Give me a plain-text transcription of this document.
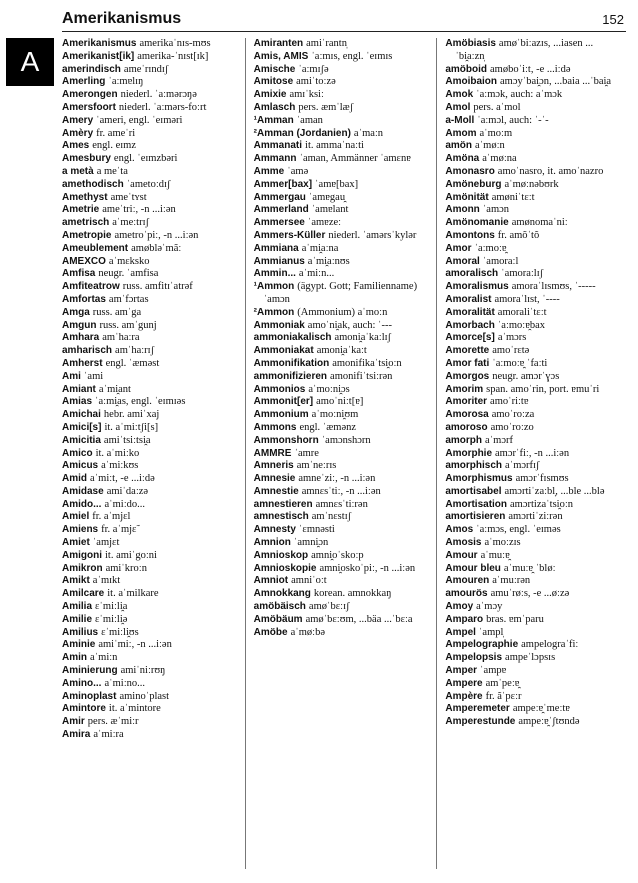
Amerikanismus	152
A

Amerikanismus amerikaˈnɪs-mʊs

Amerikanist[ik] amerika-ˈnɪst[ɪk]

amerindisch ameˈrɪndɪʃ

Amerling ˈaːmɐlɪŋ

Amerongen niederl. ˈaːmərɔŋə

Amersfoort niederl. ˈaːmərs-foːrt

Amery ˈameri, engl. ˈeɪməri

Amèry fr. ameˈri

Ames engl. eɪmz

Amesbury engl. ˈeɪmzbəri

a metà a meˈta

amethodisch ˈametoːdɪʃ

Amethyst ameˈtʏst

Ametrie ameˈtriː, -n ...iːən

ametrisch aˈmeːtrɪʃ

Ametropie ametroˈpiː, -n ...iːən

Ameublement amøbləˈmãː

AMEXCO aˈmɛksko

Amfisa neugr. ˈamfisa

Amfiteatrow russ. amfitɪˈatrəf

Amfortas amˈfɔrtas

Amga russ. amˈga

Amgun russ. amˈgunj

Amhara amˈhaːra

amharisch amˈhaːrɪʃ

Amherst engl. ˈæməst

Ami ˈami

Amiant aˈmi̯ant

Amias ˈaːmi̯as, engl. ˈeɪmɪəs

Amichai hebr. amiˈxaj

Amici[s] it. aˈmiːtʃi[s]

Amicitia amiˈtsiːtsi̯a

Amico it. aˈmiːko

Amicus aˈmiːkʊs

Amid aˈmiːt, -e ...iːdə

Amidase amiˈdaːzə

Amido... aˈmiːdo...

Amiel fr. aˈmjɛl

Amiens fr. aˈmjɛ̃

Amiet ˈamjɛt

Amigoni it. amiˈgoːni

Amikron amiˈkroːn

Amikt aˈmɪkt

Amilcare it. aˈmilkare

Amilia ɛˈmiːli̯a

Amilie ɛˈmiːli̯ə

Amilius ɛˈmiːli̯ʊs

Aminie amiˈmiː, -n ...iːən

Amin aˈmiːn

Aminierung amiˈniːrʊŋ

Amino... aˈmiːno...

Aminoplast aminoˈplast

Amintore it. aˈmintore

Amir pers. æˈmiːr

Amira aˈmiːra

Amiranten amiˈrantn̩

Amis, AMIS ˈaːmɪs, engl. ˈeɪmɪs

Amische ˈaːmɪʃə

Amitose amiˈtoːzə

Amixie amɪˈksiː

Amlasch pers. æmˈlæʃ

¹Amman ˈaman

²Amman (Jordanien) aˈmaːn

Ammanati it. ammaˈnaːti

Ammann ˈaman, Ammänner ˈamɛnɐ

Amme ˈamə

Ammer[bax] ˈamɐ[bax]

Ammergau ˈamɐgau̯

Ammerland ˈamɐlant

Ammersee ˈamɐzeː

Ammers-Küller niederl. ˈamərsˈkylər

Ammiana aˈmi̯aːna

Ammianus aˈmi̯aːnʊs

Ammin... aˈmiːn...

¹Ammon (ägypt. Gott; Familienname) ˈamɔn

²Ammon (Ammonium) aˈmoːn

Ammoniak amoˈni̯ak, auch: ˈ---

ammoniakalisch amoni̯aˈkaːlɪʃ

Ammoniakat amoni̯aˈkaːt

Ammonifikation amonifikaˈtsi̯oːn

ammonifizieren amonifiˈtsiːrən

Ammonios aˈmoːni̯ɔs

Ammonit[er] amoˈniːt[ɐ]

Ammonium aˈmoːni̯ʊm

Ammons engl. ˈæmənz

Ammonshorn ˈamɔnshɔrn

AMMRE ˈamre

Amneris amˈneːrɪs

Amnesie amneˈziː, -n ...iːən

Amnestie amnɛsˈtiː, -n ...iːən

amnestieren amnɛsˈtiːrən

amnestisch amˈnɛstɪʃ

Amnesty ˈɛmnəsti

Amnion ˈamni̯ɔn

Amnioskop amni̯oˈskoːp

Amnioskopie amni̯oskoˈpiː, -n ...iːən

Amniot amniˈoːt

Amnokkang korean. amnokkaŋ

amöbäisch amøˈbɛːɪʃ

Amöbäum amøˈbɛːʊm, ...bäa ...ˈbɛːa

Amöbe aˈmøːbə

Amöbiasis amøˈbiːazɪs, ...iasen ...ˈbi̯aːzn̩

amöboid amøboˈiːt, -e ...iːdə

Amoibaion amɔyˈbai̯ɔn, ...baia ...ˈbai̯a

Amok ˈaːmɔk, auch: aˈmɔk

Amol pers. aˈmol

a-Moll ˈaːmɔl, auch: ˈ-ˈ-

Amom aˈmoːm

amön aˈmøːn

Amöna aˈmøːna

Amonasro amoˈnasro, it. amoˈnazro

Amöneburg aˈmøːnəbʊrk

Amönität amøniˈtɛːt

Amonn ˈamɔn

Amönomanie amønomaˈniː

Amontons fr. amõˈtõ

Amor ˈaːmoːɐ̯

Amoral ˈamoraːl

amoralisch ˈamoraːlɪʃ

Amoralismus amoraˈlɪsmʊs, ˈ-----

Amoralist amoraˈlɪst, ˈ----

Amoralität amoraliˈtɛːt

Amorbach ˈaːmoːɐ̯bax

Amorce[s] aˈmɔrs

Amorette amoˈrɛtə

Amor fati ˈaːmoːɐ̯ ˈfaːti

Amorgos neugr. amɔrˈɣɔs

Amorim span. amoˈrin, port. ɐmuˈri

Amoriter amoˈriːtɐ

Amorosa amoˈroːza

amoroso amoˈroːzo

amorph aˈmɔrf

Amorphie amɔrˈfiː, -n ...iːən

amorphisch aˈmɔrfɪʃ

Amorphismus amɔrˈfɪsmʊs

amortisabel amɔrtiˈzaːbl̩, ...ble ...blə

Amortisation amɔrtizaˈtsi̯oːn

amortisieren amɔrtiˈziːrən

Amos ˈaːmɔs, engl. ˈeɪməs

Amosis aˈmoːzɪs

Amour aˈmuːɐ̯

Amour bleu aˈmuːɐ̯ ˈbløː

Amouren aˈmuːrən

amourös amuˈrøːs, -e ...øːzə

Amoy aˈmɔy

Amparo bras. ɐmˈparu

Ampel ˈampl̩

Ampelographie ampelograˈfiː

Ampelopsis ampeˈlɔpsɪs

Amper ˈampɐ

Ampere amˈpeːɐ̯

Ampère fr. ãˈpɛːr

Amperemeter ampeːɐ̯ˈmeːtɐ

Amperestunde ampeːɐ̯ˈʃtʊndə
